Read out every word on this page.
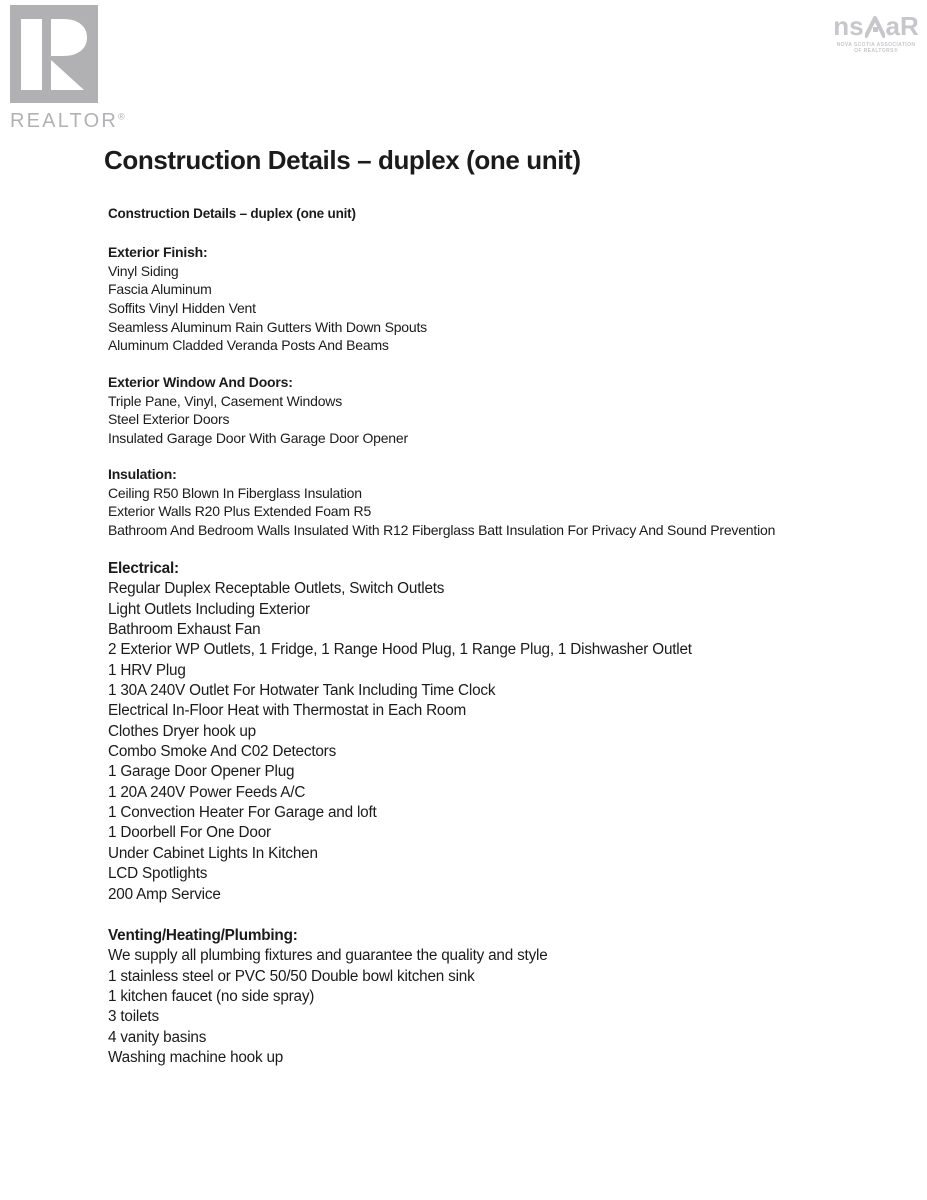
REALTOR®
ns aR
NOVA SCOTIA ASSOCIATION
OF REALTORS®
Construction Details – duplex (one unit)
Construction Details – duplex (one unit)
Exterior Finish:
Vinyl Siding
Fascia Aluminum
Soffits Vinyl Hidden Vent
Seamless Aluminum Rain Gutters With Down Spouts
Aluminum Cladded Veranda Posts And Beams
Exterior Window And Doors:
Triple Pane, Vinyl, Casement Windows
Steel Exterior Doors
Insulated Garage Door With Garage Door Opener
Insulation:
Ceiling R50 Blown In Fiberglass Insulation
Exterior Walls R20 Plus Extended Foam R5
Bathroom And Bedroom Walls Insulated With R12 Fiberglass Batt Insulation For Privacy And Sound Prevention
Electrical:
Regular Duplex Receptable Outlets, Switch Outlets
Light Outlets Including Exterior
Bathroom Exhaust Fan
2 Exterior WP Outlets, 1 Fridge, 1 Range Hood Plug, 1 Range Plug, 1 Dishwasher Outlet
1 HRV Plug
1 30A 240V Outlet For Hotwater Tank Including Time Clock
Electrical In-Floor Heat with Thermostat in Each Room
Clothes Dryer hook up
Combo Smoke And C02 Detectors
1 Garage Door Opener Plug
1 20A 240V Power Feeds A/C
1 Convection Heater For Garage and loft
1 Doorbell For One Door
Under Cabinet Lights In Kitchen
LCD Spotlights
200 Amp Service
Venting/Heating/Plumbing:
We supply all plumbing fixtures and guarantee the quality and style
1 stainless steel or PVC 50/50 Double bowl kitchen sink
1 kitchen faucet (no side spray)
3 toilets
4 vanity basins
Washing machine hook up
